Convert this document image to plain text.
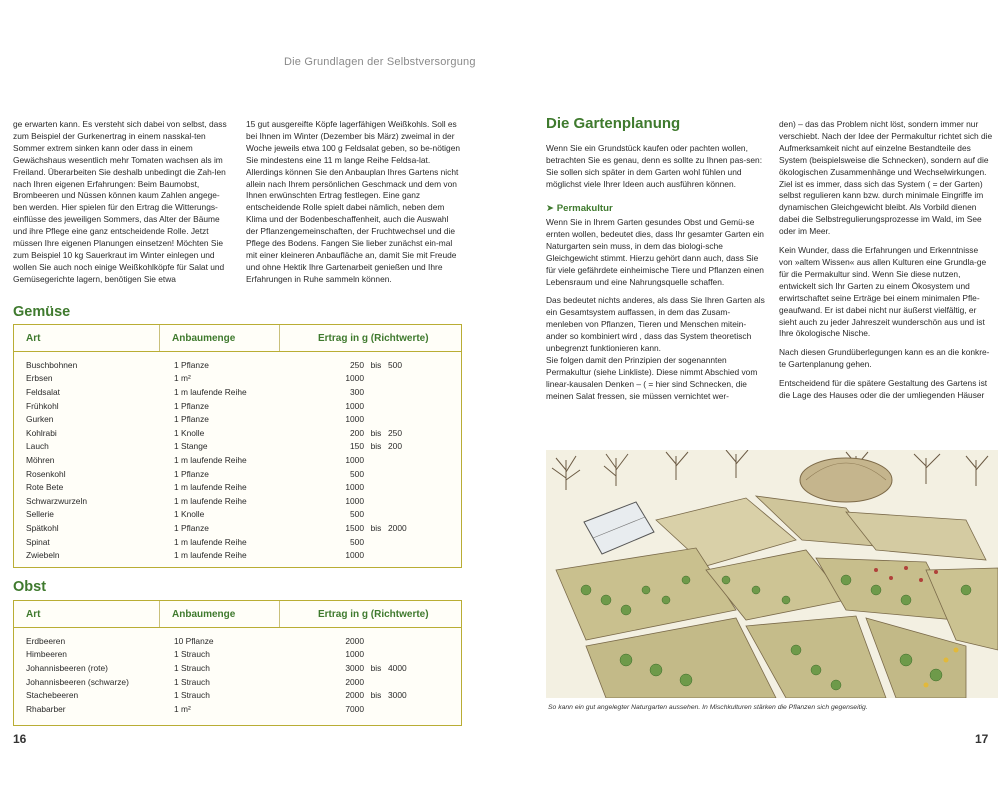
Die Grundlagen der Selbstversorgung

ge erwarten kann. Es versteht sich dabei von selbst, dass zum Beispiel der Gurkenertrag in einem nasskal-ten Sommer extrem sinken kann oder dass in einem Gewächshaus wesentlich mehr Tomaten wachsen als im Freiland. Überarbeiten Sie deshalb unbedingt die Zah-len nach Ihren eigenen Erfahrungen: Beim Baumobst, Brombeeren und Nüssen können kaum Zahlen angege-ben werden. Hier spielen für den Ertrag die Witterungs-einflüsse des jeweiligen Sommers, das Alter der Bäume und ihre Pflege eine ganz entscheidende Rolle. Jetzt müssen Ihre eigenen Planungen einsetzen! Möchten Sie zum Beispiel 10 kg Sauerkraut im Winter einlegen und wollen Sie auch noch einige Weißkohlköpfe für Salat und Gemüsegerichte lagern, benötigen Sie etwa

15 gut ausgereifte Köpfe lagerfähigen Weißkohls. Soll es bei Ihnen im Winter (Dezember bis März) zweimal in der Woche jeweils etwa 100 g Feldsalat geben, so be-nötigen Sie mindestens eine 11 m lange Reihe Feldsa-lat. Allerdings können Sie den Anbauplan Ihres Gartens nicht allein nach Ihrem persönlichen Geschmack und dem von Ihnen erwünschten Ertrag festlegen. Eine ganz entscheidende Rolle spielt dabei nämlich, neben dem Klima und der Bodenbeschaffenheit, auch die Auswahl der Pflanzengemeinschaften, der Fruchtwechsel und die Pflege des Bodens. Fangen Sie lieber zunächst ein-mal mit einer kleineren Anbaufläche an, damit Sie mit Freude und ohne Hektik Ihre Gartenarbeit genießen und Ihre Erfahrungen in Ruhe sammeln können.

Gemüse
Art	Anbaumenge	Ertrag in g (Richtwerte)
Buschbohnen	1 Pflanze	250 bis 500
Erbsen	1 m²	1000
Feldsalat	1 m laufende Reihe	300
Frühkohl	1 Pflanze	1000
Gurken	1 Pflanze	1000
Kohlrabi	1 Knolle	200 bis 250
Lauch	1 Stange	150 bis 200
Möhren	1 m laufende Reihe	1000
Rosenkohl	1 Pflanze	500
Rote Bete	1 m laufende Reihe	1000
Schwarzwurzeln	1 m laufende Reihe	1000
Sellerie	1 Knolle	500
Spätkohl	1 Pflanze	1500 bis 2000
Spinat	1 m laufende Reihe	500
Zwiebeln	1 m laufende Reihe	1000
Obst
Art	Anbaumenge	Ertrag in g (Richtwerte)
Erdbeeren	10 Pflanze	2000
Himbeeren	1 Strauch	1000
Johannisbeeren (rote)	1 Strauch	3000 bis 4000
Johannisbeeren (schwarze)	1 Strauch	2000
Stachebeeren	1 Strauch	2000 bis 3000
Rhabarber	1 m²	7000
16
Die Gartenplanung

Wenn Sie ein Grundstück kaufen oder pachten wollen, betrachten Sie es genau, denn es sollte zu Ihnen pas-sen: Sie sollen sich später in dem Garten wohl fühlen und möglichst viele Ihrer Ideen auch ausführen können.

➤ Permakultur

Wenn Sie in Ihrem Garten gesundes Obst und Gemü-se ernten wollen, bedeutet dies, dass Ihr gesamter Garten ein Naturgarten sein muss, in dem das biologi-sche Gleichgewicht stimmt. Hierzu gehört dann auch, dass Sie für viele gefährdete einheimische Tiere und Pflanzen einen Lebensraum und eine Nahrungsquelle schaffen.

Das bedeutet nichts anderes, als dass Sie Ihren Garten als ein Gesamtsystem auffassen, in dem das Zusam-menleben von Pflanzen, Tieren und Menschen mitein-ander so kombiniert wird , dass das System theoretisch unbegrenzt funktionieren kann.

Sie folgen damit den Prinzipien der sogenannten Permakultur (siehe Linkliste). Diese nimmt Abschied vom linear-kausalen Denken – ( = hier sind Schnecken, die meinen Salat fressen, sie müssen vernichtet wer-

den) – das das Problem nicht löst, sondern immer nur verschiebt. Nach der Idee der Permakultur richtet sich die Aufmerksamkeit nicht auf einzelne Bestandteile des System (beispielsweise die Schnecken), sondern auf die ökologischen Zusammenhänge und Wechselwirkungen. Ziel ist es immer, dass sich das System ( = der Garten) selbst regulieren kann bzw. durch minimale Eingriffe im dynamischen Gleichgewicht bleibt. Als Vorbild dienen dabei die Selbstregulierungsprozesse im Wald, im See oder im Meer.

Kein Wunder, dass die Erfahrungen und Erkenntnisse von »altem Wissen« aus allen Kulturen eine Grundla-ge für die Permakultur sind. Wenn Sie diese nutzen, entwickelt sich Ihr Garten zu einem Ökosystem und erwirtschaftet seine Erträge bei einem minimalen Pfle-geaufwand. Er ist dabei nicht nur äußerst vielfältig, er sieht auch zu jeder Jahreszeit wunderschön aus und ist Ihre ökologische Nische.

Nach diesen Grundüberlegungen kann es an die konkre-te Gartenplanung gehen.

Entscheidend für die spätere Gestaltung des Gartens ist die Lage des Hauses oder die der umliegenden Häuser

So kann ein gut angelegter Naturgarten aussehen. In Mischkulturen stärken die Pflanzen sich gegenseitig.
17
